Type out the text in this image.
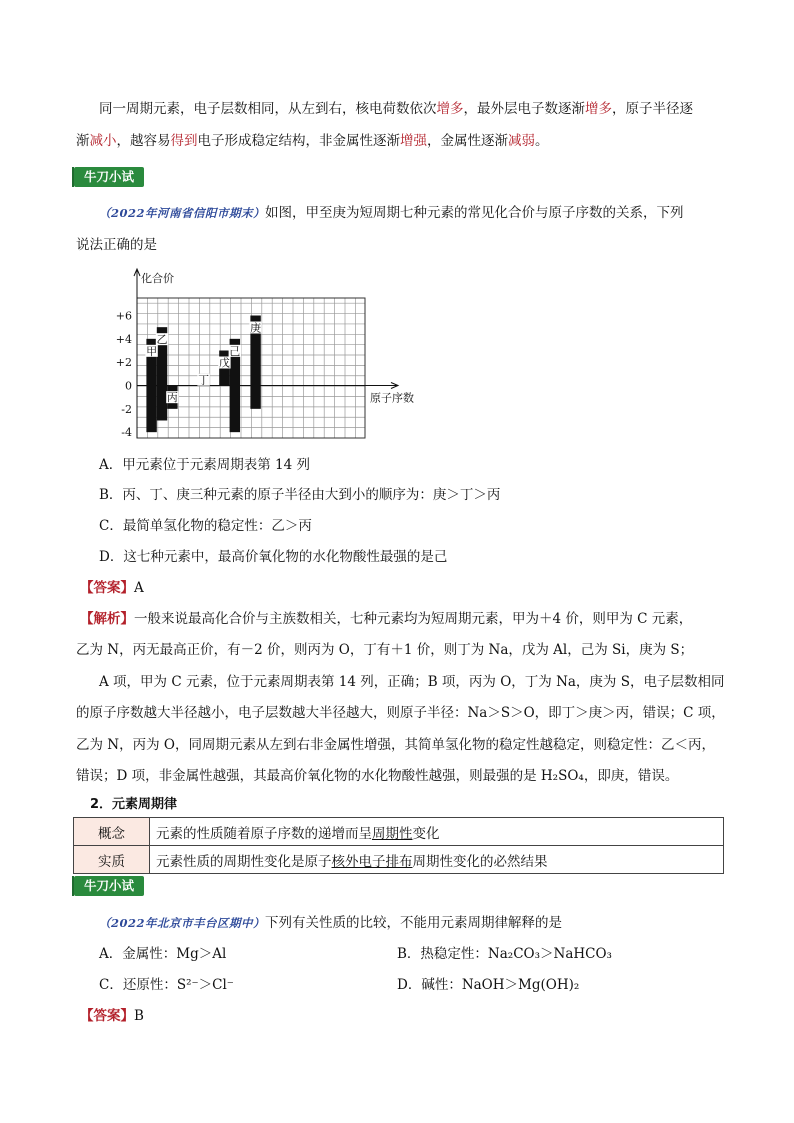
同一周期元素，电子层数相同，从左到右，核电荷数依次增多，最外层电子数逐渐增多，原子半径逐
渐减小，越容易得到电子形成稳定结构，非金属性逐渐增强，金属性逐渐减弱。
牛刀小试
（2022年河南省信阳市期末）如图，甲至庚为短周期七种元素的常见化合价与原子序数的关系，下列
说法正确的是
化合价
原子序数
+6
+4
+2
0
-2
-4
甲
乙
丙
丁
戊
己
庚
A．甲元素位于元素周期表第 14 列
B．丙、丁、庚三种元素的原子半径由大到小的顺序为：庚＞丁＞丙
C．最简单氢化物的稳定性：乙＞丙
D．这七种元素中，最高价氧化物的水化物酸性最强的是己
【答案】A
【解析】一般来说最高化合价与主族数相关，七种元素均为短周期元素，甲为＋4 价，则甲为 C 元素，
乙为 N，丙无最高正价，有－2 价，则丙为 O，丁有＋1 价，则丁为 Na，戊为 Al，己为 Si，庚为 S；
A 项，甲为 C 元素，位于元素周期表第 14 列，正确；B 项，丙为 O，丁为 Na，庚为 S，电子层数相同
的原子序数越大半径越小，电子层数越大半径越大，则原子半径：Na＞S＞O，即丁＞庚＞丙，错误；C 项，
乙为 N，丙为 O，同周期元素从左到右非金属性增强，其简单氢化物的稳定性越稳定，则稳定性：乙＜丙，
错误；D 项，非金属性越强，其最高价氧化物的水化物酸性越强，则最强的是 H₂SO₄，即庚，错误。
2．元素周期律
概念	元素的性质随着原子序数的递增而呈周期性变化
实质	元素性质的周期性变化是原子核外电子排布周期性变化的必然结果
牛刀小试
（2022年北京市丰台区期中）下列有关性质的比较，不能用元素周期律解释的是
A．金属性：Mg＞Al	B．热稳定性：Na₂CO₃＞NaHCO₃
C．还原性：S²⁻＞Cl⁻	D．碱性：NaOH＞Mg(OH)₂
【答案】B
